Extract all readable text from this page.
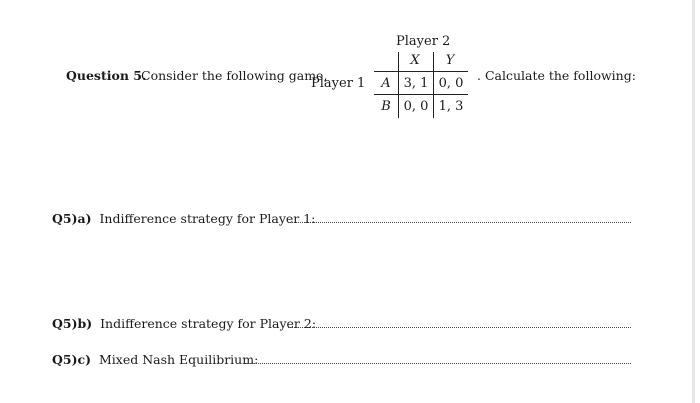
Question 5.
Consider the following game,
Player 1
. Calculate the following:
Player 2
X	Y
A
B
3, 1 0, 0
0, 0 1, 3
Q5)a) Indifference strategy for Player 1:
Q5)b) Indifference strategy for Player 2:
Q5)c) Mixed Nash Equilibrium:
